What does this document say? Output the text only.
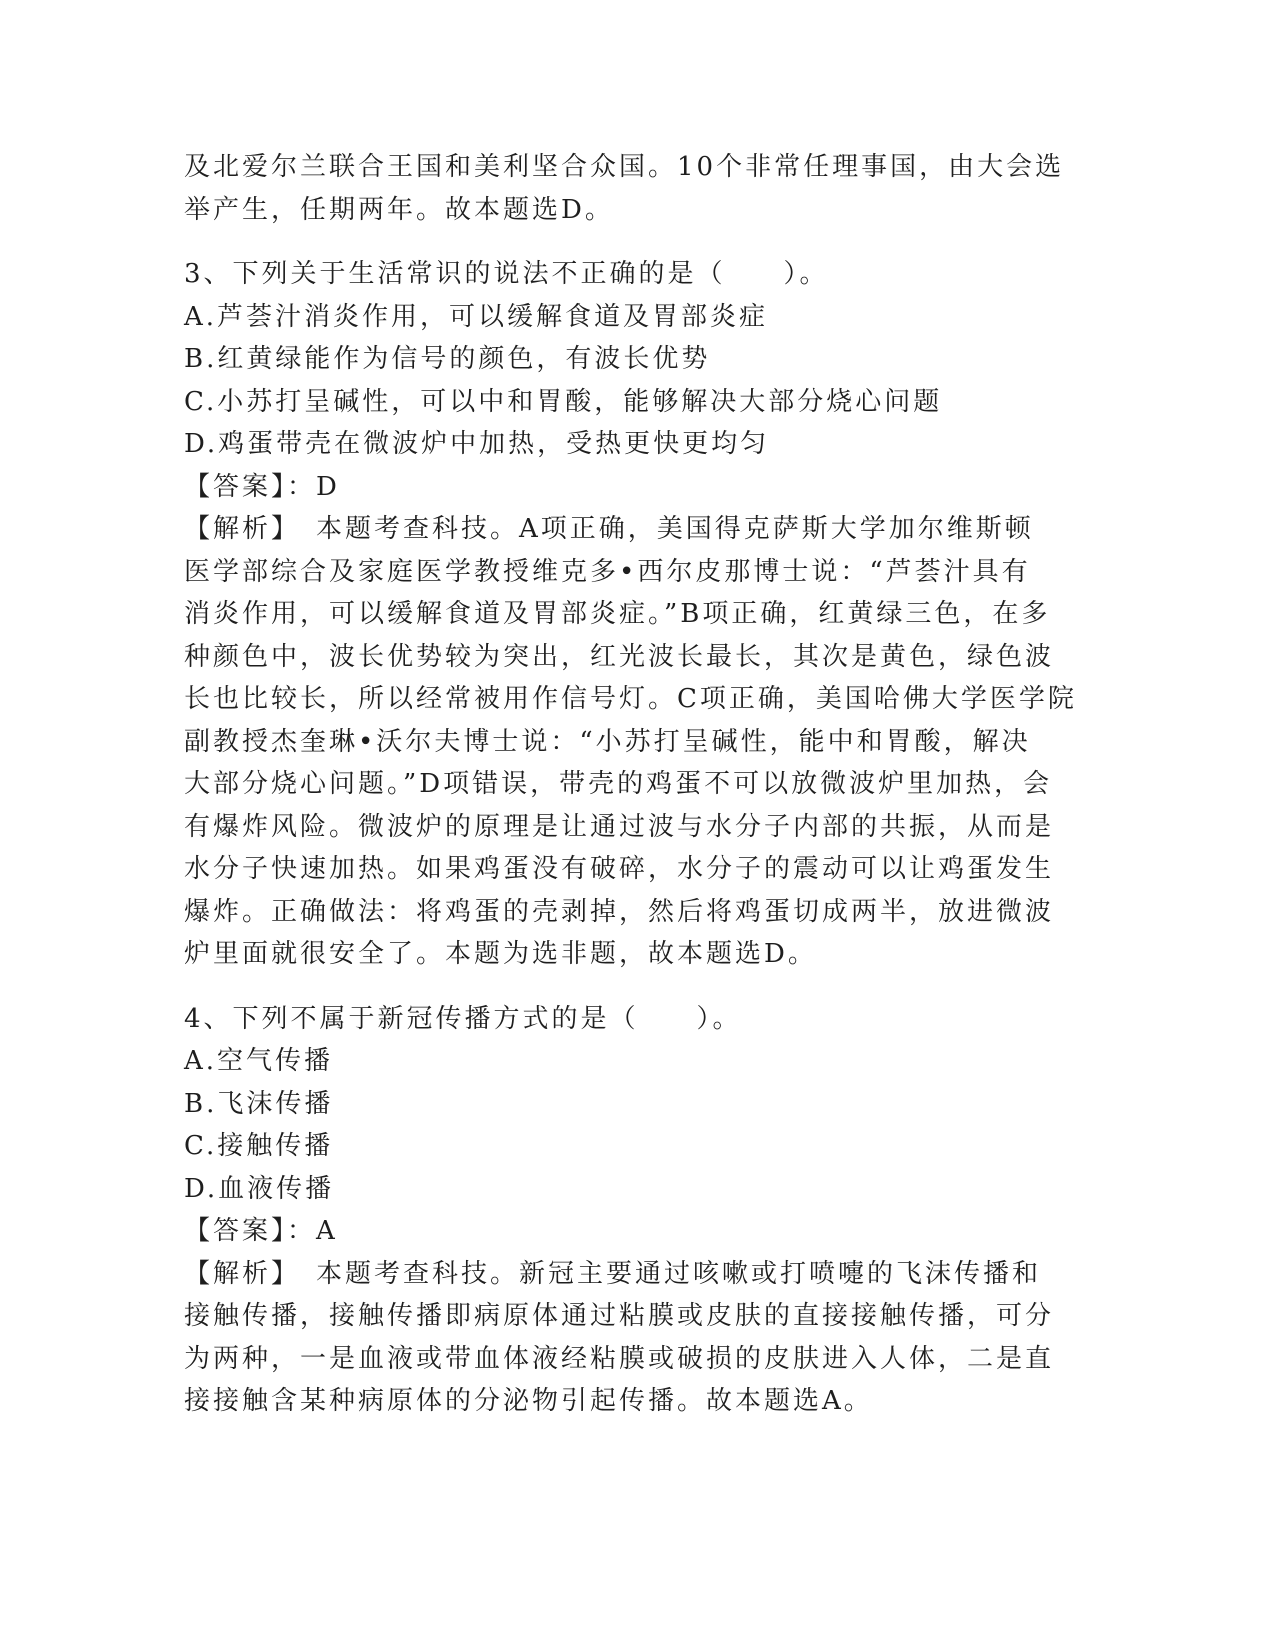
及北爱尔兰联合王国和美利坚合众国。10个非常任理事国，由大会选
举产生，任期两年。故本题选D。
3、下列关于生活常识的说法不正确的是（　　）。
A.芦荟汁消炎作用，可以缓解食道及胃部炎症
B.红黄绿能作为信号的颜色，有波长优势
C.小苏打呈碱性，可以中和胃酸，能够解决大部分烧心问题
D.鸡蛋带壳在微波炉中加热，受热更快更均匀
【答案】：D
【解析】　本题考查科技。A项正确，美国得克萨斯大学加尔维斯顿
医学部综合及家庭医学教授维克多•西尔皮那博士说：“芦荟汁具有
消炎作用，可以缓解食道及胃部炎症。”B项正确，红黄绿三色，在多
种颜色中，波长优势较为突出，红光波长最长，其次是黄色，绿色波
长也比较长，所以经常被用作信号灯。C项正确，美国哈佛大学医学院
副教授杰奎琳•沃尔夫博士说：“小苏打呈碱性，能中和胃酸，解决
大部分烧心问题。”D项错误，带壳的鸡蛋不可以放微波炉里加热，会
有爆炸风险。微波炉的原理是让通过波与水分子内部的共振，从而是
水分子快速加热。如果鸡蛋没有破碎，水分子的震动可以让鸡蛋发生
爆炸。正确做法：将鸡蛋的壳剥掉，然后将鸡蛋切成两半，放进微波
炉里面就很安全了。本题为选非题，故本题选D。
4、下列不属于新冠传播方式的是（　　）。
A.空气传播
B.飞沫传播
C.接触传播
D.血液传播
【答案】：A
【解析】　本题考查科技。新冠主要通过咳嗽或打喷嚏的飞沫传播和
接触传播，接触传播即病原体通过粘膜或皮肤的直接接触传播，可分
为两种，一是血液或带血体液经粘膜或破损的皮肤进入人体，二是直
接接触含某种病原体的分泌物引起传播。故本题选A。
